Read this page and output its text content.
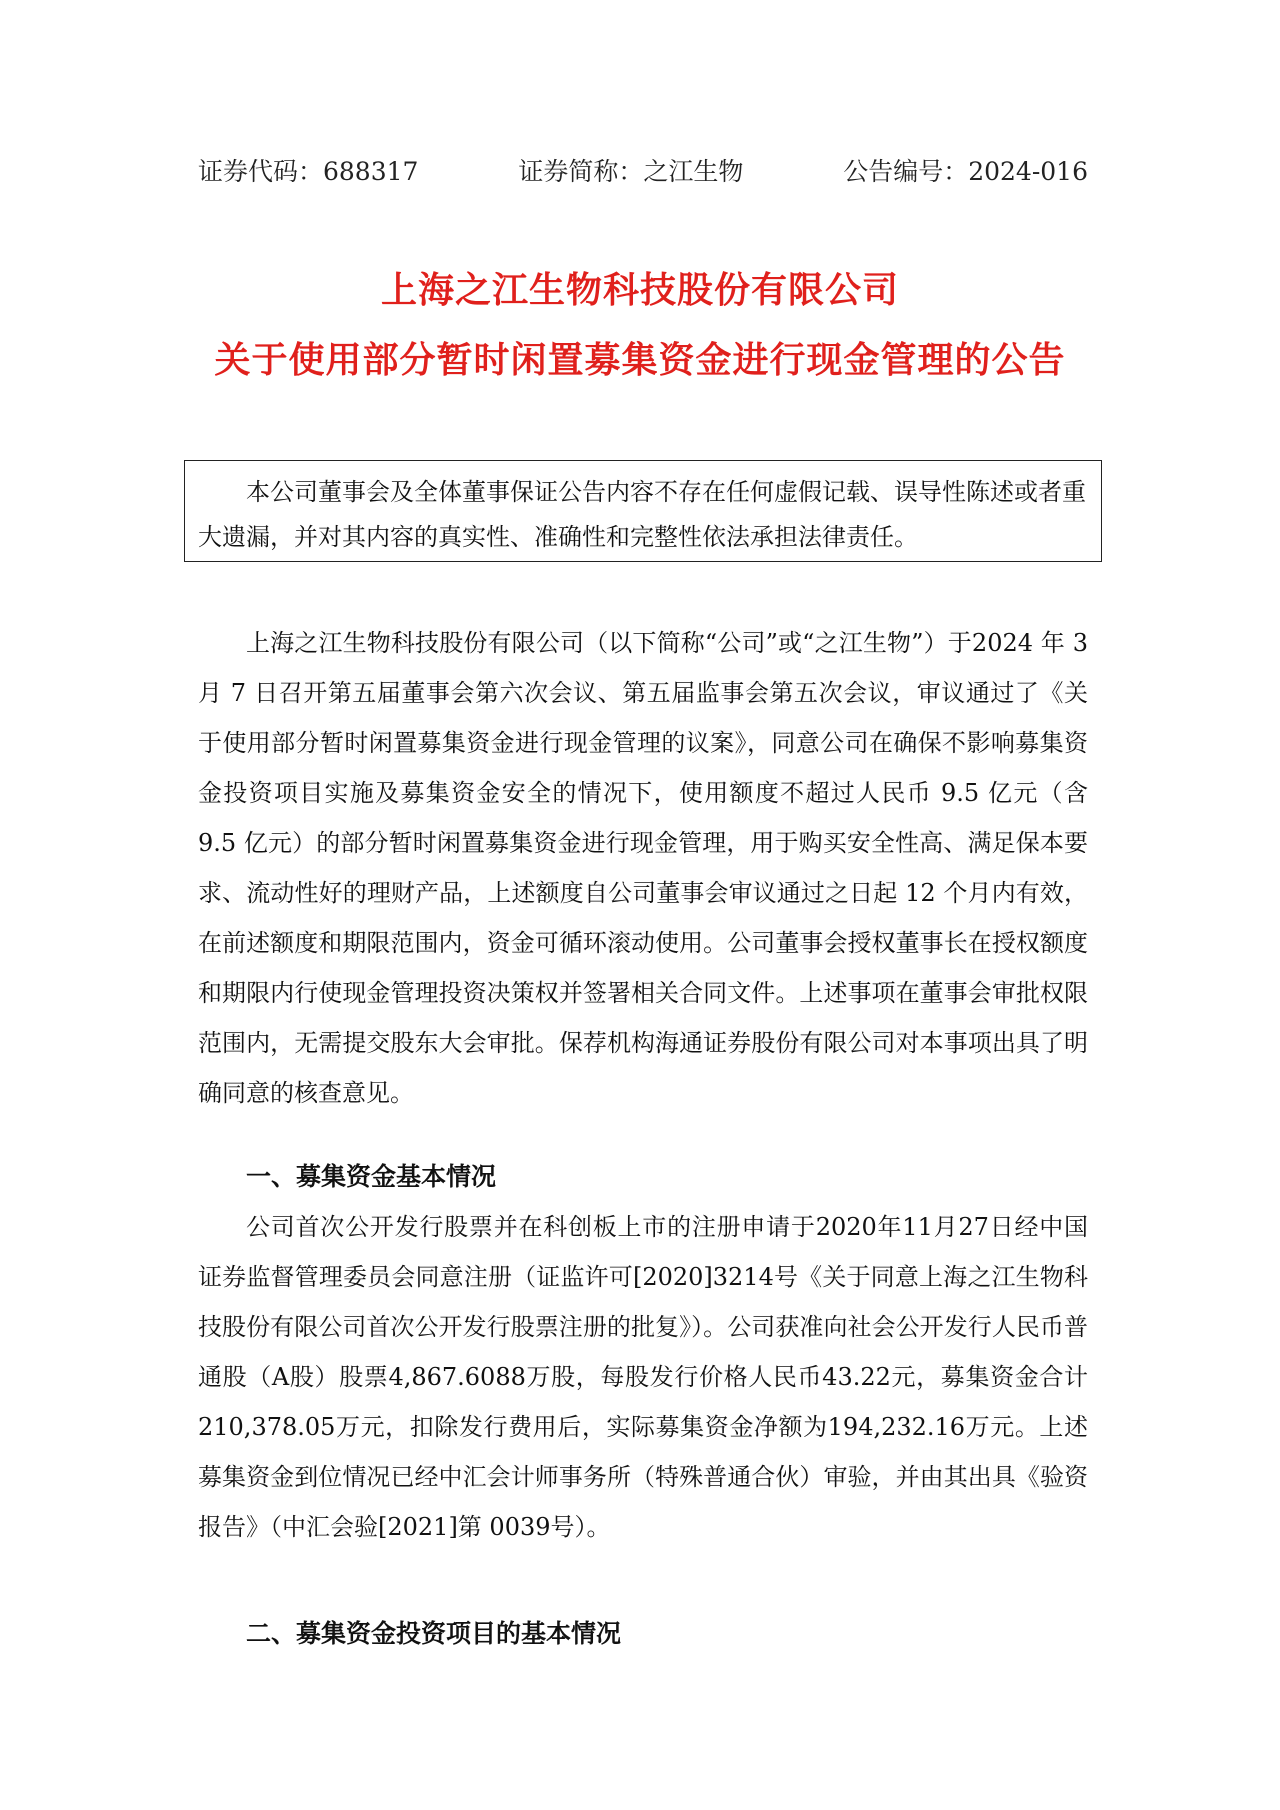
证券代码：688317	证券简称：之江生物	公告编号：2024-016
上海之江生物科技股份有限公司
关于使用部分暂时闲置募集资金进行现金管理的公告
本公司董事会及全体董事保证公告内容不存在任何虚假记载、误导性陈述或者重大遗漏，并对其内容的真实性、准确性和完整性依法承担法律责任。
上海之江生物科技股份有限公司（以下简称“公司”或“之江生物”）于2024 年 3 月 7 日召开第五届董事会第六次会议、第五届监事会第五次会议，审议通过了《关于使用部分暂时闲置募集资金进行现金管理的议案》，同意公司在确保不影响募集资金投资项目实施及募集资金安全的情况下，使用额度不超过人民币 9.5 亿元（含 9.5 亿元）的部分暂时闲置募集资金进行现金管理，用于购买安全性高、满足保本要求、流动性好的理财产品，上述额度自公司董事会审议通过之日起 12 个月内有效，在前述额度和期限范围内，资金可循环滚动使用。公司董事会授权董事长在授权额度和期限内行使现金管理投资决策权并签署相关合同文件。上述事项在董事会审批权限范围内，无需提交股东大会审批。保荐机构海通证券股份有限公司对本事项出具了明确同意的核查意见。
一、募集资金基本情况
公司首次公开发行股票并在科创板上市的注册申请于2020年11月27日经中国证券监督管理委员会同意注册（证监许可[2020]3214号《关于同意上海之江生物科技股份有限公司首次公开发行股票注册的批复》）。公司获准向社会公开发行人民币普通股（A股）股票4,867.6088万股，每股发行价格人民币43.22元，募集资金合计210,378.05万元，扣除发行费用后，实际募集资金净额为194,232.16万元。上述募集资金到位情况已经中汇会计师事务所（特殊普通合伙）审验，并由其出具《验资报告》（中汇会验[2021]第 0039号）。
二、募集资金投资项目的基本情况
